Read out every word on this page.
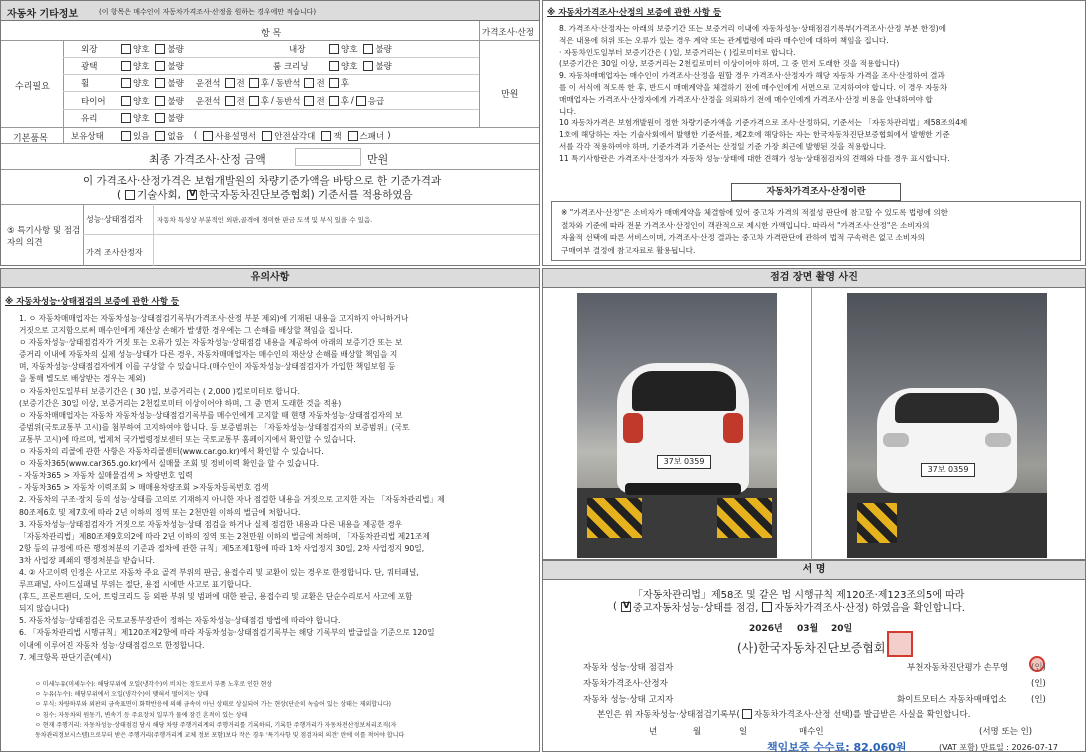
자동차 기타정보	(이 항목은 매수인이 자동차가격조사·산정을 원하는 경우에만 적습니다)
항 목	가격조사·산정
수리필요
기본품목
만원
외장	양호 불량	내장	양호 불량
광택	양호 불량	룸 크리닝	양호 불량
휠	양호 불량 운전석 전 후 / 동반석 전 후
타이어	양호 불량 운전석 전 후 / 동반석 전 후 / 응급
유리	양호 불량
보유상태	있음 없음 ( 사용설명서 안전삼각대 잭 스패너 )
최종 가격조사·산정 금액	만원
이 가격조사·산정가격은 보험개발원의 차량기준가액을 바탕으로 한 기준가격과
( 기술사회, V 한국자동차진단보증협회) 기준서를 적용하였음
⑤ 특기사항 및 점검자의 의견
성능·상태점검자 자동차 특성상 부분적인 외판,골격에 경미한 판금 도색 및 부식 있을 수 있음.
가격 조사산정자
※ 자동차가격조사·산정의 보증에 관한 사항 등
8. 가격조사·산정자는 아래의 보증기간 또는 보증거리 이내에 자동차성능·상태점검기록부(가격조사·산정 부분 한정)에
적은 내용에 허위 또는 오류가 있는 경우 계약 또는 관계법령에 따라 매수인에 대하여 책임을 집니다.
· 자동차인도일부터 보증기간은 ( )일, 보증거리는 ( )킬로미터로 합니다.
(보증기간은 30일 이상, 보증거리는 2천킬로미터 이상이어야 하며, 그 중 먼저 도래한 것을 적용합니다)
9. 자동차매매업자는 매수인이 가격조사·산정을 원할 경우 가격조사·산정자가 해당 자동차 가격을 조사·산정하여 결과
를 이 서식에 적도록 한 후, 반드시 매매계약을 체결하기 전에 매수인에게 서면으로 고지하여야 합니다. 이 경우 자동차
매매업자는 가격조사·산정자에게 가격조사·산정을 의뢰하기 전에 매수인에게 가격조사·산정 비용을 안내하여야 합
니다.
10 자동차가격은 보험개발원이 정한 차량기준가액을 기준가격으로 조사·산정하되, 기준서는 「자동차관리법」제58조의4제
1호에 해당하는 자는 기술사회에서 발행한 기준서를, 제2호에 해당하는 자는 한국자동차진단보증협회에서 발행한 기준
서를 각각 적용하여야 하며, 기준가격과 기준서는 산정일 기준 가장 최근에 발행된 것을 적용합니다.
11 특기사항란은 가격조사·산정자가 자동차 성능·상태에 대한 견해가 성능·상태점검자의 견해와 다를 경우 표시합니다.
자동차가격조사·산정이란
※ "가격조사·산정"은 소비자가 매매계약을 체결함에 있어 중고차 가격의 적절성 판단에 참고할 수 있도록 법령에 의한
절차와 기준에 따라 전문 가격조사·산정인이 객관적으로 제시한 가액입니다. 따라서 "가격조사·산정"은 소비자의
자율적 선택에 따른 서비스이며, 가격조사·산정 결과는 중고차 가격판단에 관하여 법적 구속력은 없고 소비자의
구매여부 결정에 참고자료로 활용됩니다.
유의사항
※ 자동차성능·상태점검의 보증에 관한 사항 등
1. ㅇ 자동차매매업자는 자동차성능·상태점검기록부(가격조사·산정 부분 제외)에 기재된 내용을 고지하지 아니하거나
거짓으로 고지함으로써 매수인에게 재산상 손해가 발생한 경우에는 그 손해를 배상할 책임을 집니다.
ㅇ 자동차성능·상태점검자가 거짓 또는 오류가 있는 자동차성능·상태점검 내용을 제공하여 아래의 보증기간 또는 보
증거리 이내에 자동차의 실제 성능·상태가 다른 경우, 자동차매매업자는 매수인의 재산상 손해를 배상할 책임을 지
며, 자동차성능·상태점검자에게 이를 구상할 수 있습니다.(매수인이 자동차성능·상태점검자가 가입한 책임보험 등
을 통해 별도로 배상받는 경우는 제외)
ㅇ 자동차인도일부터 보증기간은 ( 30 )일, 보증거리는 ( 2,000 )킬로미터로 합니다.
(보증기간은 30일 이상, 보증거리는 2천킬로미터 이상이어야 하며, 그 중 먼저 도래한 것을 적용)
ㅇ 자동차매매업자는 자동차 자동차성능·상태점검기록부를 매수인에게 고지할 때 현행 자동차성능·상태점검자의 보
증범위(국토교통부 고시)를 첨부하여 고지하여야 합니다. 등 보증범위는 「자동차성능·상태점검자의 보증범위」(국토
교통부 고시)에 따르며, 법제처 국가법령정보센터 또는 국토교통부 홈페이지에서 확인할 수 있습니다.
ㅇ 자동차의 리콜에 관한 사항은 자동차리콜센터(www.car.go.kr)에서 확인할 수 있습니다.
ㅇ 자동차365(www.car365.go.kr)에서 실매물 조회 및 정비이력 확인을 할 수 있습니다.
- 자동차365 > 자동차 실매물검색 > 차량번호 입력
- 자동차365 > 자동차 이력조회 > 매매용차량조회 >자동차등록번호 검색
2. 자동차의 구조·장치 등의 성능·상태를 고의로 기재하지 아니한 자나 점검한 내용을 거짓으로 고지한 자는 「자동차관리법」제
80조제6호 및 제7호에 따라 2년 이하의 징역 또는 2천만원 이하의 벌금에 처합니다.
3. 자동차성능·상태점검자가 거짓으로 자동차성능·상태 점검을 하거나 실제 점검한 내용과 다른 내용을 제공한 경우
「자동차관리법」제80조제9호의2에 따라 2년 이하의 징역 또는 2천만원 이하의 벌금에 처하며, 「자동차관리법 제21조제
2항 등의 규정에 따른 행정처분의 기준과 절차에 관한 규칙」제5조제1항에 따라 1차 사업정지 30일, 2차 사업정지 90일,
3차 사업장 폐쇄의 행정처분을 받습니다.
4. ② 사고이력 인정은 사고로 자동차 주요 골격 부위의 판금, 용접수리 및 교환이 있는 경우로 한정합니다. 단, 쿼터패널,
루프패널, 사이드실패널 부위는 절단, 용접 시에만 사고로 표기합니다.
(후드, 프론트펜더, 도어, 트렁크리드 등 외판 부위 및 범퍼에 대한 판금, 용접수리 및 교환은 단순수리로서 사고에 포함
되지 않습니다)
5. 자동차성능·상태점검은 국토교통부장관이 정하는 자동차성능·상태점검 방법에 따라야 합니다.
6. 「자동차관리법 시행규칙」제120조제2항에 따라 자동차성능·상태점검기록부는 해당 기록부의 발급일을 기준으로 120일
이내에 이루어진 자동차 성능·상태점검으로 한정합니다.
7. 체크항목 판단기준(예시)
ㅇ 미세누유(미세누수): 해당부위에 오일(냉각수)이 비치는 정도로서 부품 노후로 인한 현상
ㅇ 누유(누수): 해당부위에서 오일(냉각수)이 맺혀서 떨어지는 상태
ㅇ 부식: 차량하부와 외판의 금속표면이 화학반응에 의해 금속이 아닌 상태로 상실되어 가는 현상(단순히 녹슬어 있는 상태는 제외합니다)
ㅇ 침수: 자동차의 원동기, 변속기 등 주요장치 일부가 물에 잠긴 흔적이 있는 상태
ㅇ 현재 주행거리: 자동차성능·상태점검 당시 해당 차량 주행거리계의 주행거리를 기록하되, 기록한 주행거리가 자동차전산정보처리조직(자
동차관리정보시스템)으로부터 받은 주행거리(주행거리계 교체 정보 포함)보다 작은 경우 '특기사항 및 점검자의 의견' 란에 이를 적어야 합니다
점검 장면 촬영 사진
37보 0359
37보 0359
서 명
「자동차관리법」제58조 및 같은 법 시행규칙 제120조·제123조의5에 따라
( V 중고자동차성능·상태를 점검, 자동차가격조사·산정) 하였음을 확인합니다.
2026년 03월 20일
(사)한국자동차진단보증협회
자동차 성능·상태 점검자	부천자동차진단평가 손무영	(인)
자동차가격조사·산정자	(인)
자동차 성능·상태 고지자	화이트모터스 자동차매매업소	(인)
본인은 위 자동차성능·상태점검기록부( 자동차가격조사·산정 선택)를 발급받은 사실을 확인합니다.
년	월	일	매수인	(서명 또는 인)
책임보증 수수료: 82,060원	(VAT 포함) 만료일 : 2026-07-17
